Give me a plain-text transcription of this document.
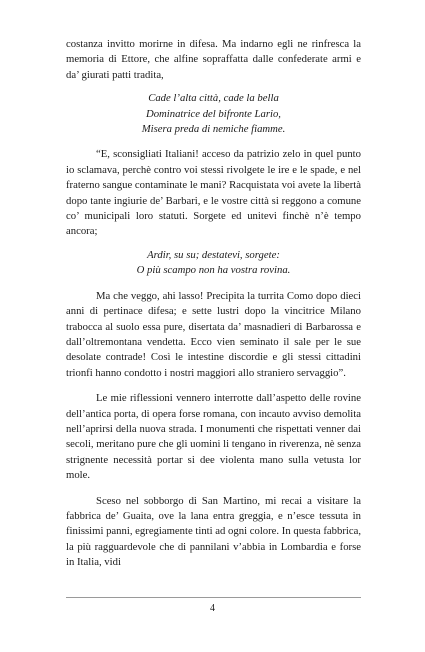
costanza invitto morirne in difesa. Ma indarno egli ne rinfresca la memoria di Ettore, che alfine sopraffatta dalle confederate armi e da’ giurati patti tradita,

Cade l’alta città, cade la bella
Dominatrice del bifronte Lario,
Misera preda di nemiche fiamme.

“E, sconsigliati Italiani! acceso da patrizio zelo in quel punto io sclamava, perchè contro voi stessi rivolgete le ire e le spade, e nel fraterno sangue contaminate le mani? Racquistata voi avete la libertà dopo tante ingiurie de’ Barbari, e le vostre città si reggono a comune co’ municipali loro statuti. Sorgete ed unitevi finchè n’è tempo ancora;

Ardir, su su; destatevi, sorgete:
O più scampo non ha vostra rovina.

Ma che veggo, ahi lasso! Precipita la turrita Como dopo dieci anni di pertinace difesa; e sette lustri dopo la vincitrice Milano trabocca al suolo essa pure, disertata da’ masnadieri di Barbarossa e dall’oltremontana vendetta. Ecco vien seminato il sale per le sue desolate contrade! Così le intestine discordie e gli stessi cittadini trionfi hanno condotto i nostri maggiori allo straniero servaggio”.

Le mie riflessioni vennero interrotte dall’aspetto delle rovine dell’antica porta, di opera forse romana, con incauto avviso demolita nell’aprirsi della nuova strada. I monumenti che rispettati venner dai secoli, meritano pure che gli uomini li tengano in riverenza, nè senza strignente necessità portar si dee violenta mano sulla vetusta lor mole.

Sceso nel sobborgo di San Martino, mi recai a visitare la fabbrica de’ Guaita, ove la lana entra greggia, e n’esce tessuta in finissimi panni, egregiamente tinti ad ogni colore. In questa fabbrica, la più ragguardevole che di pannilani v’abbia in Lombardia e forse in Italia, vidi

4
